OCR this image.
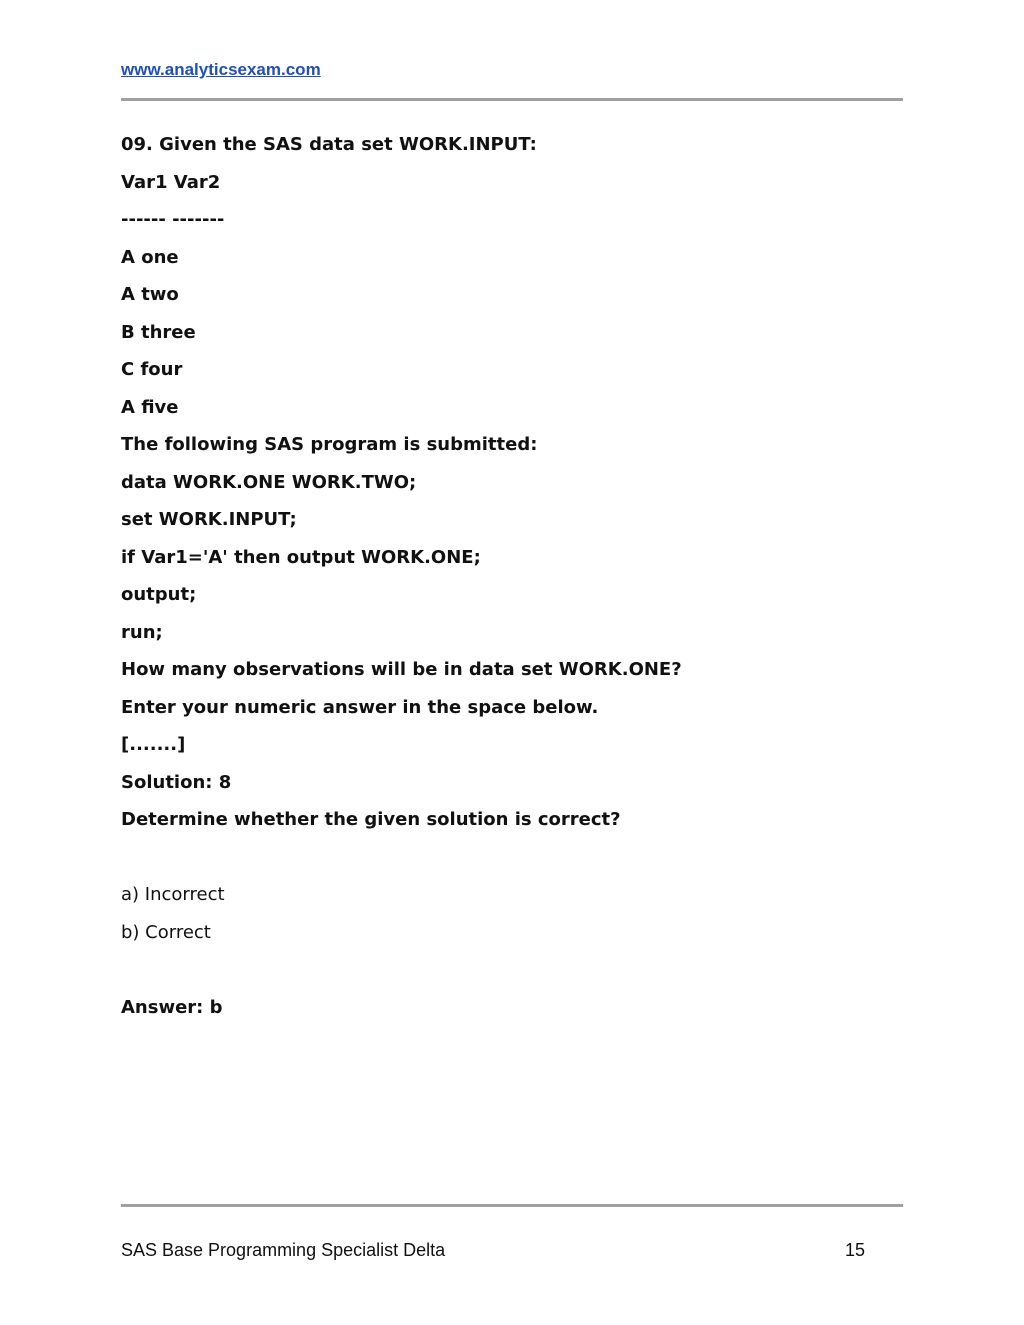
www.analyticsexam.com
09. Given the SAS data set WORK.INPUT:
Var1 Var2
------ -------
A one
A two
B three
C four
A five
The following SAS program is submitted:
data WORK.ONE WORK.TWO;
set WORK.INPUT;
if Var1='A' then output WORK.ONE;
output;
run;
How many observations will be in data set WORK.ONE?
Enter your numeric answer in the space below.
[.......]
Solution: 8
Determine whether the given solution is correct?
a) Incorrect
b) Correct
Answer: b
SAS Base Programming Specialist Delta	15
